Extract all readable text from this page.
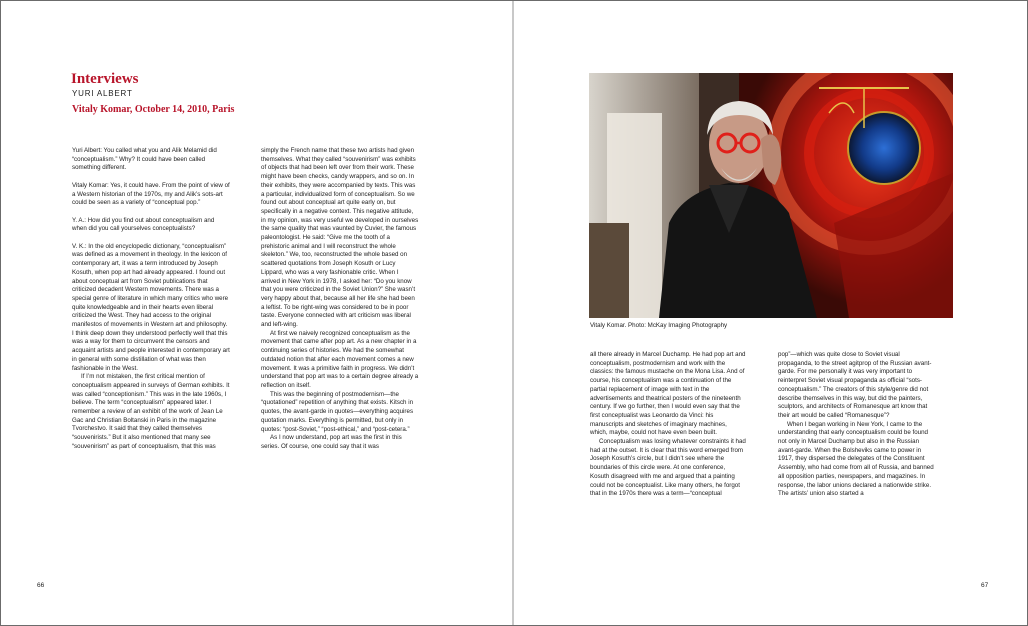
Interviews
YURI ALBERT
Vitaly Komar, October 14, 2010, Paris

Yuri Albert: You called what you and Alik Melamid did “conceptualism.” Why? It could have been called something different.

Vitaly Komar: Yes, it could have. From the point of view of a Western historian of the 1970s, my and Alik’s sots-art could be seen as a variety of “conceptual pop.”

Y. A.: How did you find out about conceptualism and when did you call yourselves conceptualists?

V. K.: In the old encyclopedic dictionary, “conceptualism” was defined as a movement in theology. In the lexicon of contemporary art, it was a term introduced by Joseph Kosuth, when pop art had already appeared. I found out about conceptual art from Soviet publications that criticized decadent Western movements. There was a special genre of literature in which many critics who were quite knowledgeable and in their hearts even liberal criticized the West. They had access to the original manifestos of movements in Western art and philosophy. I think deep down they understood perfectly well that this was a way for them to circumvent the censors and acquaint artists and people interested in contemporary art in general with some distillation of what was then fashionable in the West.

If I’m not mistaken, the first critical mention of conceptualism appeared in surveys of German exhibits. It was called “conceptionism.” This was in the late 1960s, I believe. The term “conceptualism” appeared later. I remember a review of an exhibit of the work of Jean Le Gac and Christian Boltanski in Paris in the magazine Tvorchestvo. It said that they called themselves “souvenirists.” But it also mentioned that many see “souvenirism” as part of conceptualism, that this was

simply the French name that these two artists had given themselves. What they called “souvenirism” was exhibits of objects that had been left over from their work. These might have been checks, candy wrappers, and so on. In their exhibits, they were accompanied by texts. This was a particular, individualized form of conceptualism. So we found out about conceptual art quite early on, but specifically in a negative context. This negative attitude, in my opinion, was very useful we developed in ourselves the same quality that was vaunted by Cuvier, the famous paleontologist. He said: “Give me the tooth of a prehistoric animal and I will reconstruct the whole skeleton.” We, too, reconstructed the whole based on scattered quotations from Joseph Kosuth or Lucy Lippard, who was a very fashionable critic. When I arrived in New York in 1978, I asked her: “Do you know that you were criticized in the Soviet Union?” She wasn’t very happy about that, because all her life she had been a leftist. To be right-wing was considered to be in poor taste. Everyone connected with art criticism was liberal and left-wing.

At first we naively recognized conceptualism as the movement that came after pop art. As a new chapter in a continuing series of histories. We had the somewhat outdated notion that after each movement comes a new movement. It was a primitive faith in progress. We didn’t understand that pop art was to a certain degree already a reflection on itself.

This was the beginning of postmodernism—the “quotationed” repetition of anything that exists. Kitsch in quotes, the avant-garde in quotes—everything acquires quotation marks. Everything is permitted, but only in quotes: “post-Soviet,” “post-ethical,” and “post-cetera.”

As I now understand, pop art was the first in this series. Of course, one could say that it was

66
Vitaly Komar. Photo: McKay Imaging Photography

all there already in Marcel Duchamp. He had pop art and conceptualism, postmodernism and work with the classics: the famous mustache on the Mona Lisa. And of course, his conceptualism was a continuation of the partial replacement of image with text in the advertisements and theatrical posters of the nineteenth century. If we go further, then I would even say that the first conceptualist was Leonardo da Vinci: his manuscripts and sketches of imaginary machines, which, maybe, could not have even been built.

Conceptualism was losing whatever constraints it had had at the outset. It is clear that this word emerged from Joseph Kosuth’s circle, but I didn’t see where the boundaries of this circle were. At one conference, Kosuth disagreed with me and argued that a painting could not be conceptualist. Like many others, he forgot that in the 1970s there was a term—“conceptual

pop”—which was quite close to Soviet visual propaganda, to the street agitprop of the Russian avant-garde. For me personally it was very important to reinterpret Soviet visual propaganda as official “sots-conceptualism.” The creators of this style/genre did not describe themselves in this way, but did the painters, sculptors, and architects of Romanesque art know that their art would be called “Romanesque”?

When I began working in New York, I came to the understanding that early conceptualism could be found not only in Marcel Duchamp but also in the Russian avant-garde. When the Bolsheviks came to power in 1917, they dispersed the delegates of the Constituent Assembly, who had come from all of Russia, and banned all opposition parties, newspapers, and magazines. In response, the labor unions declared a nationwide strike. The artists’ union also started a

67
